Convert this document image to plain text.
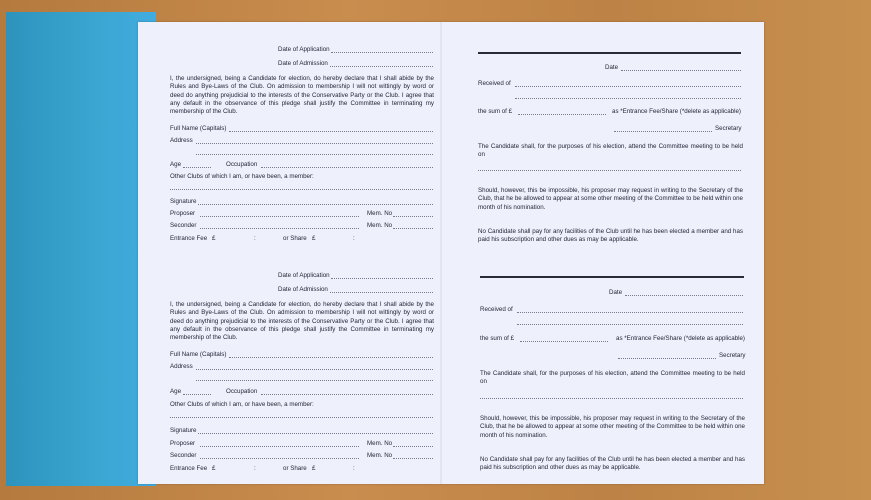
Date of Application
Date of Admission
I, the undersigned, being a Candidate for election, do hereby declare that I shall abide by the Rules and Bye-Laws of the Club. On admission to membership I will not wittingly by word or deed do anything prejudicial to the interests of the Conservative Party or the Club. I agree that any default in the observance of this pledge shall justify the Committee in terminating my membership of the Club.
Full Name (Capitals)
Address
Age	Occupation
Other Clubs of which I am, or have been, a member:
Signature
Proposer	Mem. No
Seconder	Mem. No
Entrance Fee £	:	or Share £	:
Date of Application
Date of Admission
I, the undersigned, being a Candidate for election, do hereby declare that I shall abide by the Rules and Bye-Laws of the Club. On admission to membership I will not wittingly by word or deed do anything prejudicial to the interests of the Conservative Party or the Club. I agree that any default in the observance of this pledge shall justify the Committee in terminating my membership of the Club.
Full Name (Capitals)
Address
Age	Occupation
Other Clubs of which I am, or have been, a member:
Signature
Proposer	Mem. No
Seconder	Mem. No
Entrance Fee £	:	or Share £	:
Date
Received of
the sum of £	as *Entrance Fee/Share (*delete as applicable)
Secretary
The Candidate shall, for the purposes of his election, attend the Committee meeting to be held on
Should, however, this be impossible, his proposer may request in writing to the Secretary of the Club, that he be allowed to appear at some other meeting of the Committee to be held within one month of his nomination.
No Candidate shall pay for any facilities of the Club until he has been elected a member and has paid his subscription and other dues as may be applicable.
Date
Received of
the sum of £	as *Entrance Fee/Share (*delete as applicable)
Secretary
The Candidate shall, for the purposes of his election, attend the Committee meeting to be held on
Should, however, this be impossible, his proposer may request in writing to the Secretary of the Club, that he be allowed to appear at some other meeting of the Committee to be held within one month of his nomination.
No Candidate shall pay for any facilities of the Club until he has been elected a member and has paid his subscription and other dues as may be applicable.
